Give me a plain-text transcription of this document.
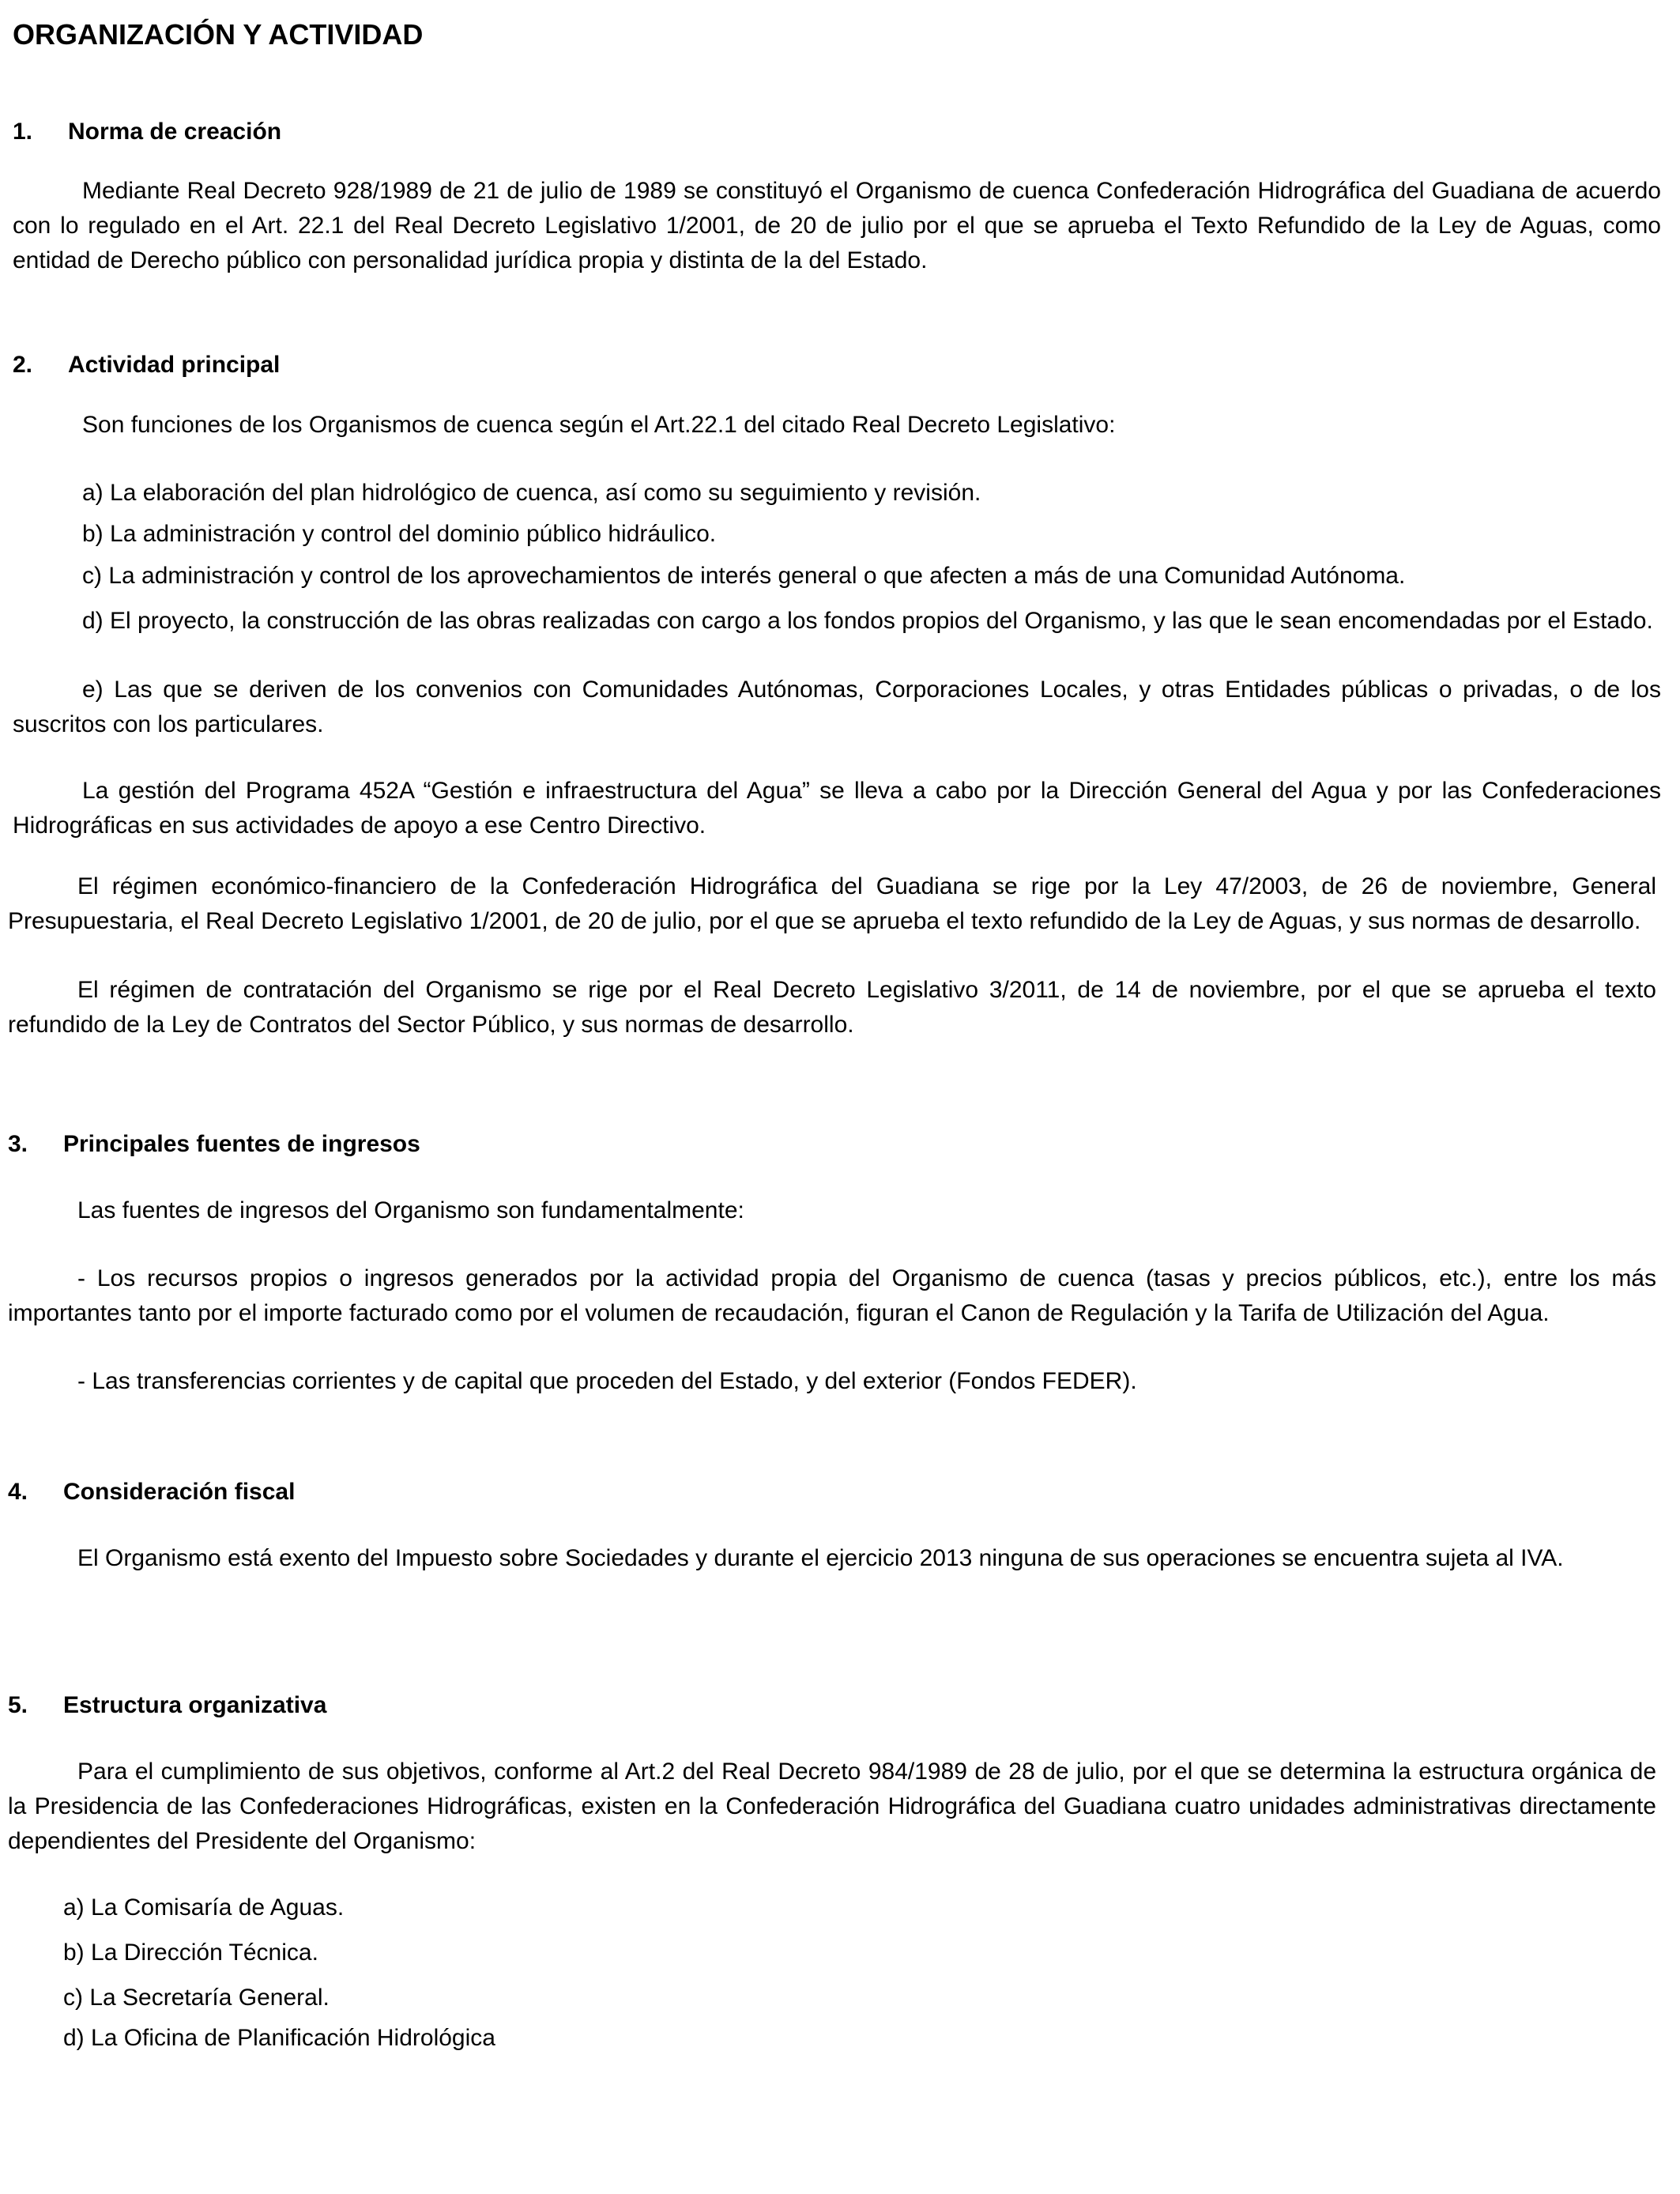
ORGANIZACIÓN Y ACTIVIDAD
1. Norma de creación

Mediante Real Decreto 928/1989 de 21 de julio de 1989 se constituyó el Organismo de cuenca Confederación Hidrográfica del Guadiana de acuerdo con lo regulado en el Art. 22.1 del Real Decreto Legislativo 1/2001, de 20 de julio por el que se aprueba el Texto Refundido de la Ley de Aguas, como entidad de Derecho público con personalidad jurídica propia y distinta de la del Estado.

2. Actividad principal
Son funciones de los Organismos de cuenca según el Art.22.1 del citado Real Decreto Legislativo:
a) La elaboración del plan hidrológico de cuenca, así como su seguimiento y revisión.
b) La administración y control del dominio público hidráulico.
c) La administración y control de los aprovechamientos de interés general o que afecten a más de una Comunidad Autónoma.

d) El proyecto, la construcción de las obras realizadas con cargo a los fondos propios del Organismo, y las que le sean encomendadas por el Estado.

e) Las que se deriven de los convenios con Comunidades Autónomas, Corporaciones Locales, y otras Entidades públicas o privadas, o de los suscritos con los particulares.

La gestión del Programa 452A “Gestión e infraestructura del Agua” se lleva a cabo por la Dirección General del Agua y por las Confederaciones Hidrográficas en sus actividades de apoyo a ese Centro Directivo.

El régimen económico-financiero de la Confederación Hidrográfica del Guadiana se rige por la Ley 47/2003, de 26 de noviembre, General Presupuestaria, el Real Decreto Legislativo 1/2001, de 20 de julio, por el que se aprueba el texto refundido de la Ley de Aguas, y sus normas de desarrollo.

El régimen de contratación del Organismo se rige por el Real Decreto Legislativo 3/2011, de 14 de noviembre, por el que se aprueba el texto refundido de la Ley de Contratos del Sector Público, y sus normas de desarrollo.

3. Principales fuentes de ingresos
Las fuentes de ingresos del Organismo son fundamentalmente:

- Los recursos propios o ingresos generados por la actividad propia del Organismo de cuenca (tasas y precios públicos, etc.), entre los más importantes tanto por el importe facturado como por el volumen de recaudación, figuran el Canon de Regulación y la Tarifa de Utilización del Agua.

- Las transferencias corrientes y de capital que proceden del Estado, y del exterior (Fondos FEDER).

4. Consideración fiscal

El Organismo está exento del Impuesto sobre Sociedades y durante el ejercicio 2013 ninguna de sus operaciones se encuentra sujeta al IVA.

5. Estructura organizativa

Para el cumplimiento de sus objetivos, conforme al Art.2 del Real Decreto 984/1989 de 28 de julio, por el que se determina la estructura orgánica de la Presidencia de las Confederaciones Hidrográficas, existen en la Confederación Hidrográfica del Guadiana cuatro unidades administrativas directamente dependientes del Presidente del Organismo:

a) La Comisaría de Aguas.
b) La Dirección Técnica.
c) La Secretaría General.
d) La Oficina de Planificación Hidrológica
